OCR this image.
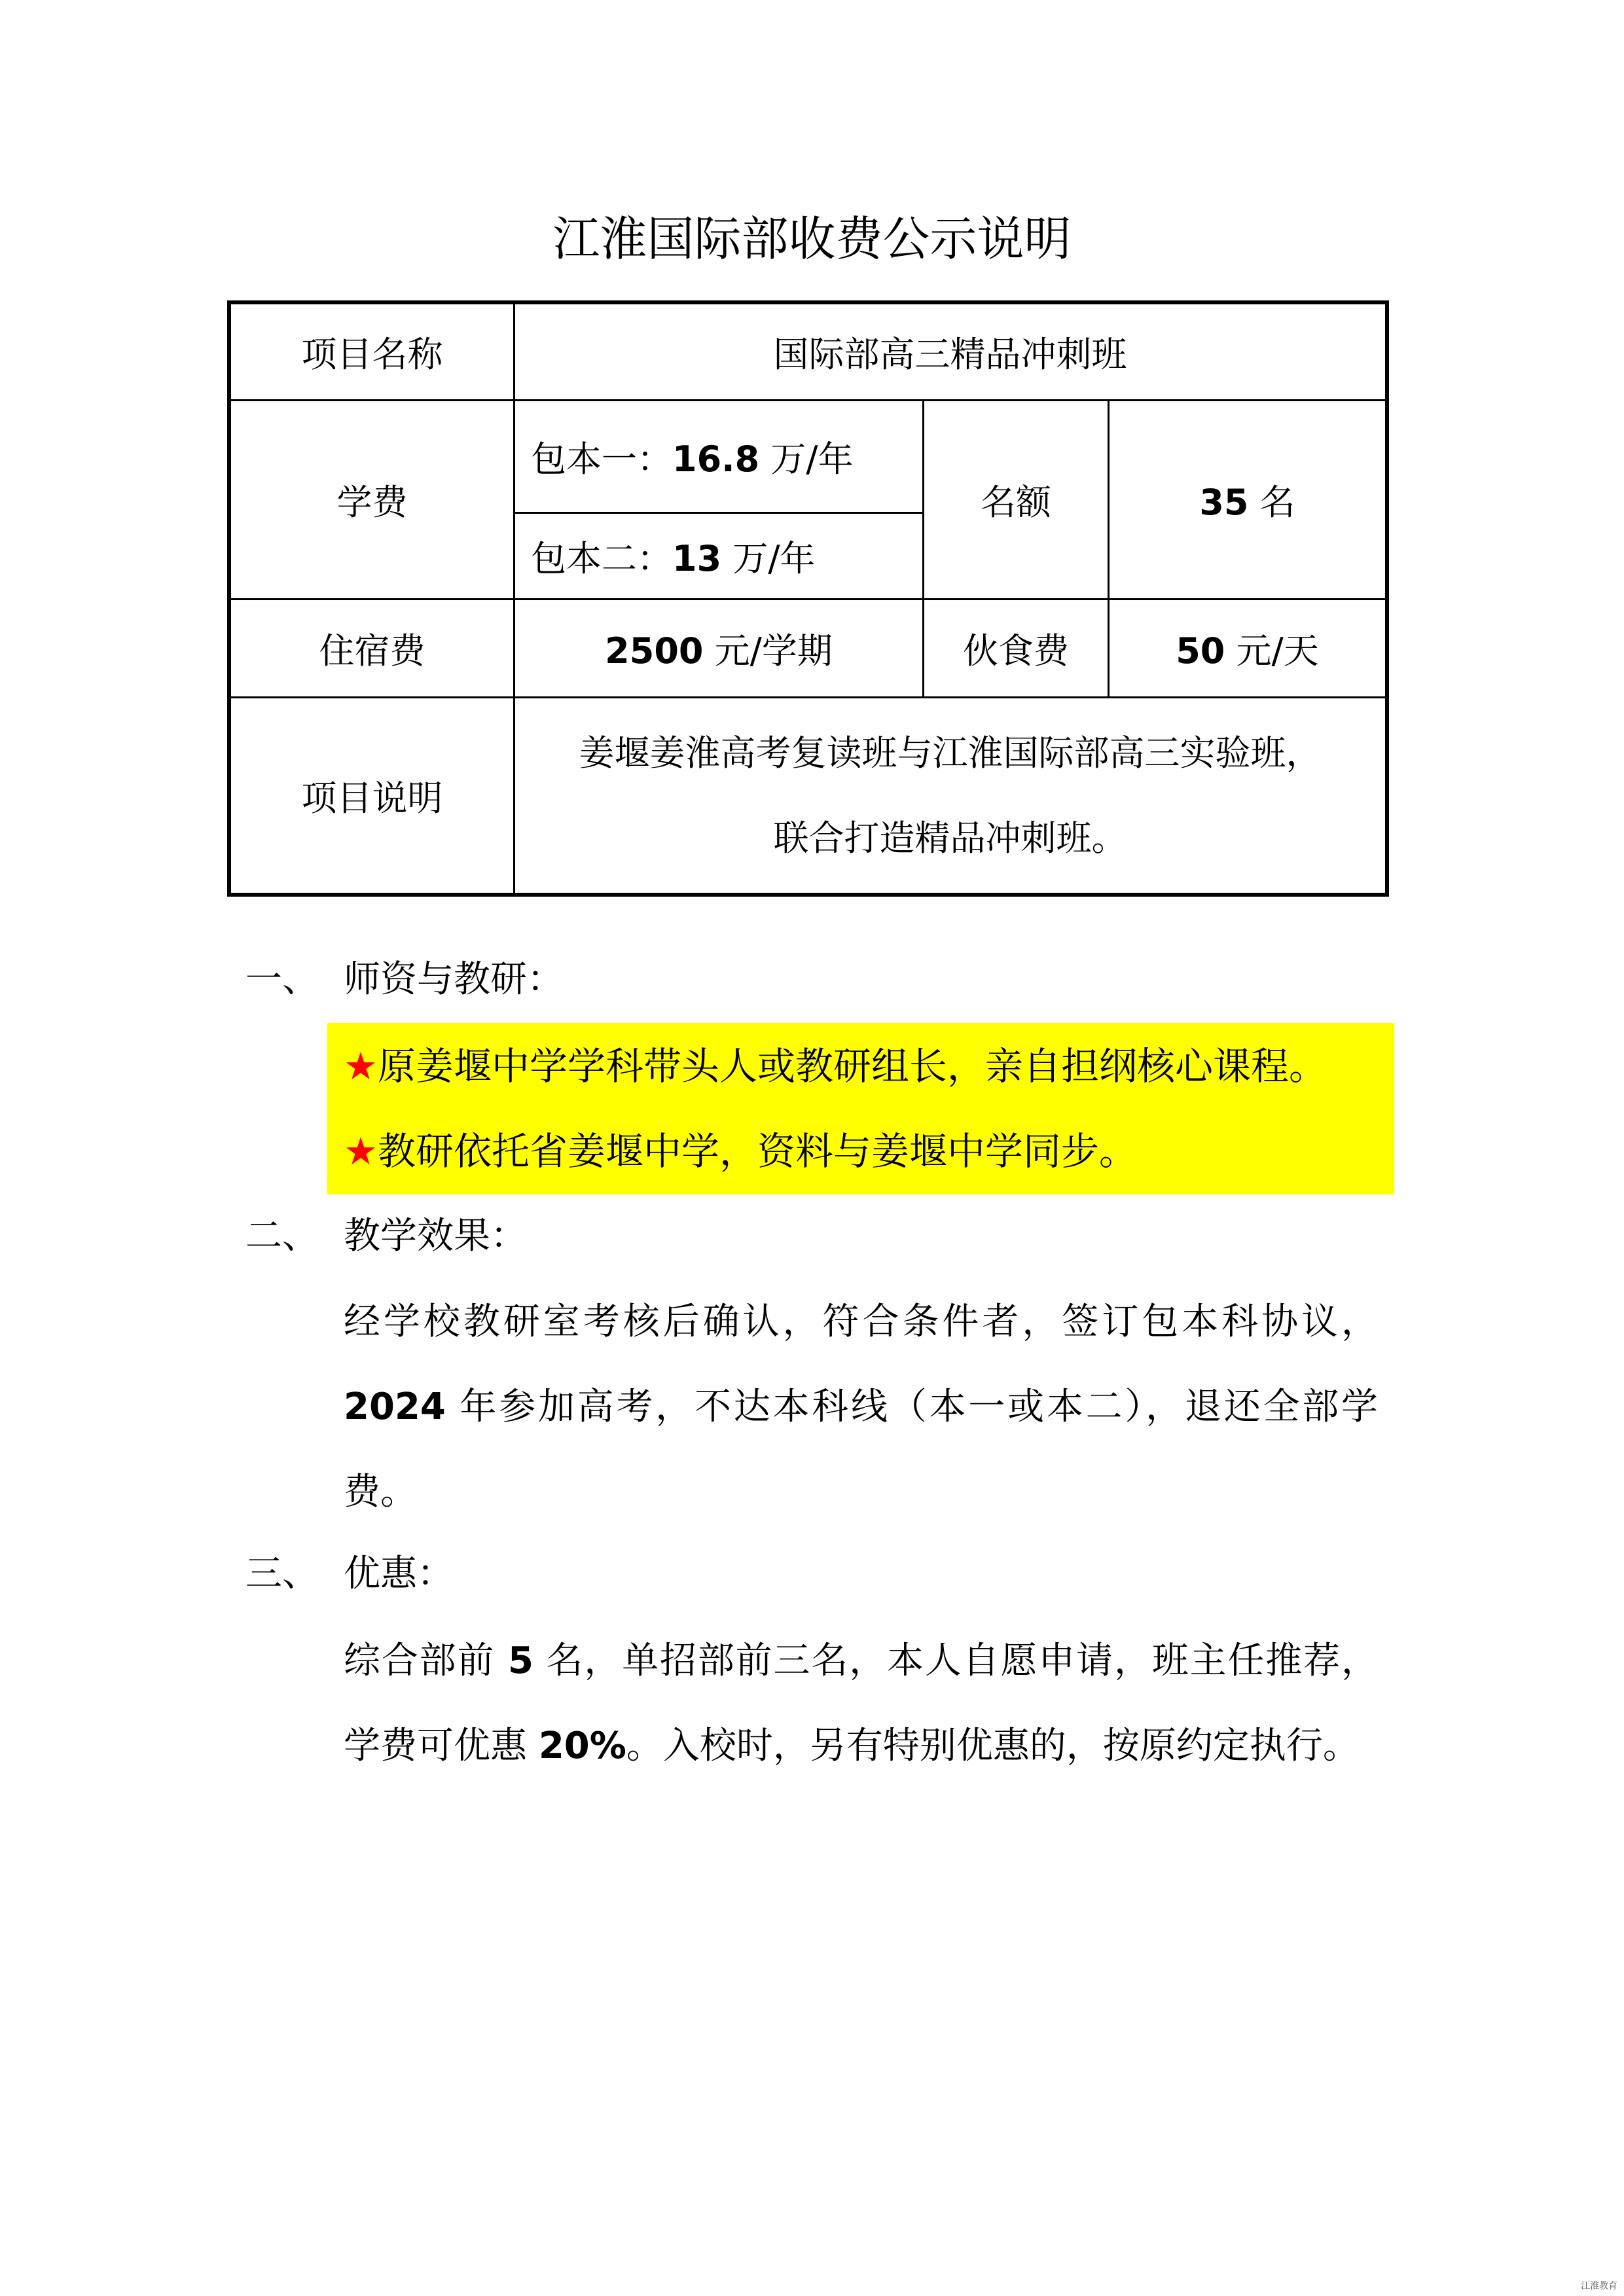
江淮国际部收费公示说明
项目名称	国际部高三精品冲刺班		
学费	包本一：16.8 万/年	名额	35 名
	包本二：13 万/年		
住宿费	2500 元/学期	伙食费	50 元/天
项目说明	姜堰姜淮高考复读班与江淮国际部高三实验班，
联合打造精品冲刺班。		
一、 师资与教研：
★原姜堰中学学科带头人或教研组长，亲自担纲核心课程。
★教研依托省姜堰中学，资料与姜堰中学同步。
二、 教学效果：
经学校教研室考核后确认，符合条件者，签订包本科协议，2024 年参加高考，不达本科线（本一或本二），退还全部学费。
三、 优惠：
综合部前 5 名，单招部前三名，本人自愿申请，班主任推荐，学费可优惠 20%。入校时，另有特别优惠的，按原约定执行。
江淮教育
